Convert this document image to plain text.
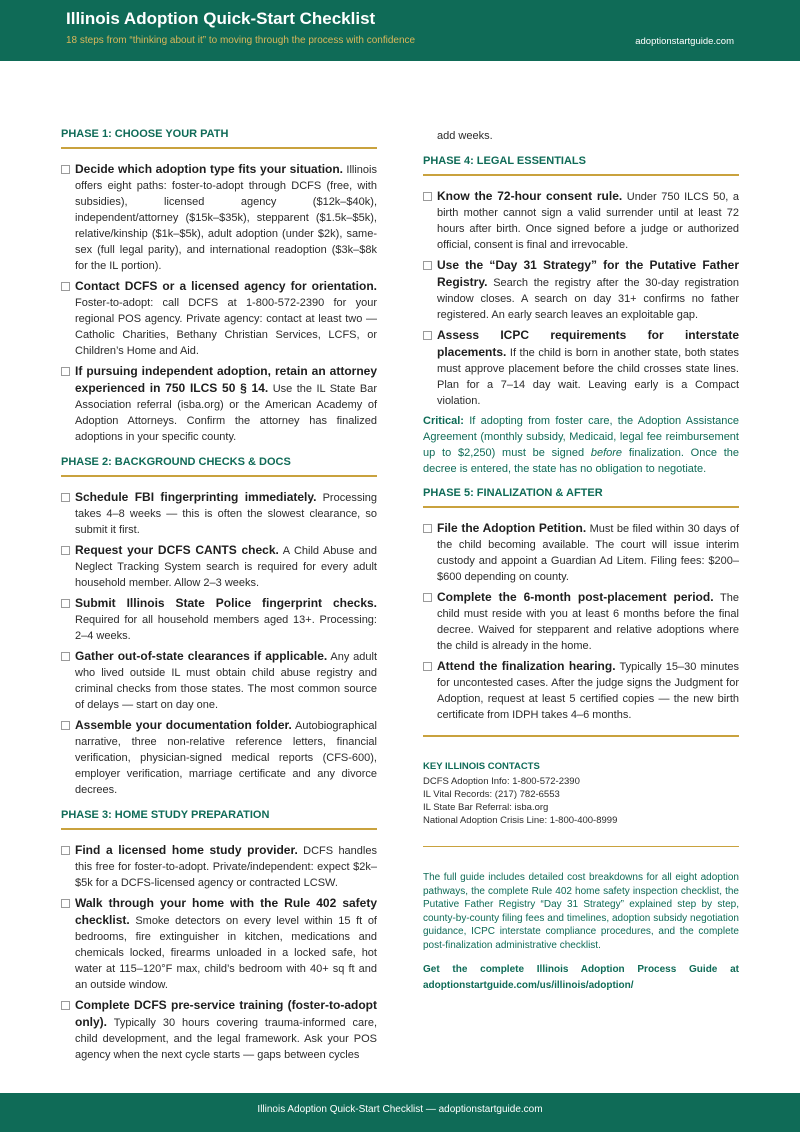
Illinois Adoption Quick-Start Checklist
18 steps from “thinking about it” to moving through the process with confidence	adoptionstartguide.com
PHASE 1: CHOOSE YOUR PATH
Decide which adoption type fits your situation. Illinois offers eight paths: foster-to-adopt through DCFS (free, with subsidies), licensed agency ($12k–$40k), independent/attorney ($15k–$35k), stepparent ($1.5k–$5k), relative/kinship ($1k–$5k), adult adoption (under $2k), same-sex (full legal parity), and international readoption ($3k–$8k for the IL portion).
Contact DCFS or a licensed agency for orientation. Foster-to-adopt: call DCFS at 1-800-572-2390 for your regional POS agency. Private agency: contact at least two — Catholic Charities, Bethany Christian Services, LCFS, or Children’s Home and Aid.
If pursuing independent adoption, retain an attorney experienced in 750 ILCS 50 § 14. Use the IL State Bar Association referral (isba.org) or the American Academy of Adoption Attorneys. Confirm the attorney has finalized adoptions in your specific county.
PHASE 2: BACKGROUND CHECKS & DOCS
Schedule FBI fingerprinting immediately. Processing takes 4–8 weeks — this is often the slowest clearance, so submit it first.
Request your DCFS CANTS check. A Child Abuse and Neglect Tracking System search is required for every adult household member. Allow 2–3 weeks.
Submit Illinois State Police fingerprint checks. Required for all household members aged 13+. Processing: 2–4 weeks.
Gather out-of-state clearances if applicable. Any adult who lived outside IL must obtain child abuse registry and criminal checks from those states. The most common source of delays — start on day one.
Assemble your documentation folder. Autobiographical narrative, three non-relative reference letters, financial verification, physician-signed medical reports (CFS-600), employer verification, marriage certificate and any divorce decrees.
PHASE 3: HOME STUDY PREPARATION
Find a licensed home study provider. DCFS handles this free for foster-to-adopt. Private/independent: expect $2k–$5k for a DCFS-licensed agency or contracted LCSW.
Walk through your home with the Rule 402 safety checklist. Smoke detectors on every level within 15 ft of bedrooms, fire extinguisher in kitchen, medications and chemicals locked, firearms unloaded in a locked safe, hot water at 115–120°F max, child’s bedroom with 40+ sq ft and an outside window.
Complete DCFS pre-service training (foster-to-adopt only). Typically 30 hours covering trauma-informed care, child development, and the legal framework. Ask your POS agency when the next cycle starts — gaps between cycles
add weeks.
PHASE 4: LEGAL ESSENTIALS
Know the 72-hour consent rule. Under 750 ILCS 50, a birth mother cannot sign a valid surrender until at least 72 hours after birth. Once signed before a judge or authorized official, consent is final and irrevocable.
Use the “Day 31 Strategy” for the Putative Father Registry. Search the registry after the 30-day registration window closes. A search on day 31+ confirms no father registered. An early search leaves an exploitable gap.
Assess ICPC requirements for interstate placements. If the child is born in another state, both states must approve placement before the child crosses state lines. Plan for a 7–14 day wait. Leaving early is a Compact violation.
Critical: If adopting from foster care, the Adoption Assistance Agreement (monthly subsidy, Medicaid, legal fee reimbursement up to $2,250) must be signed before finalization. Once the decree is entered, the state has no obligation to negotiate.
PHASE 5: FINALIZATION & AFTER
File the Adoption Petition. Must be filed within 30 days of the child becoming available. The court will issue interim custody and appoint a Guardian Ad Litem. Filing fees: $200–$600 depending on county.
Complete the 6-month post-placement period. The child must reside with you at least 6 months before the final decree. Waived for stepparent and relative adoptions where the child is already in the home.
Attend the finalization hearing. Typically 15–30 minutes for uncontested cases. After the judge signs the Judgment for Adoption, request at least 5 certified copies — the new birth certificate from IDPH takes 4–6 months.
KEY ILLINOIS CONTACTS
DCFS Adoption Info: 1-800-572-2390
IL Vital Records: (217) 782-6553
IL State Bar Referral: isba.org
National Adoption Crisis Line: 1-800-400-8999
The full guide includes detailed cost breakdowns for all eight adoption pathways, the complete Rule 402 home safety inspection checklist, the Putative Father Registry “Day 31 Strategy” explained step by step, county-by-county filing fees and timelines, adoption subsidy negotiation guidance, ICPC interstate compliance procedures, and the complete post-finalization administrative checklist.
Get the complete Illinois Adoption Process Guide at adoptionstartguide.com/us/illinois/adoption/
Illinois Adoption Quick-Start Checklist — adoptionstartguide.com
